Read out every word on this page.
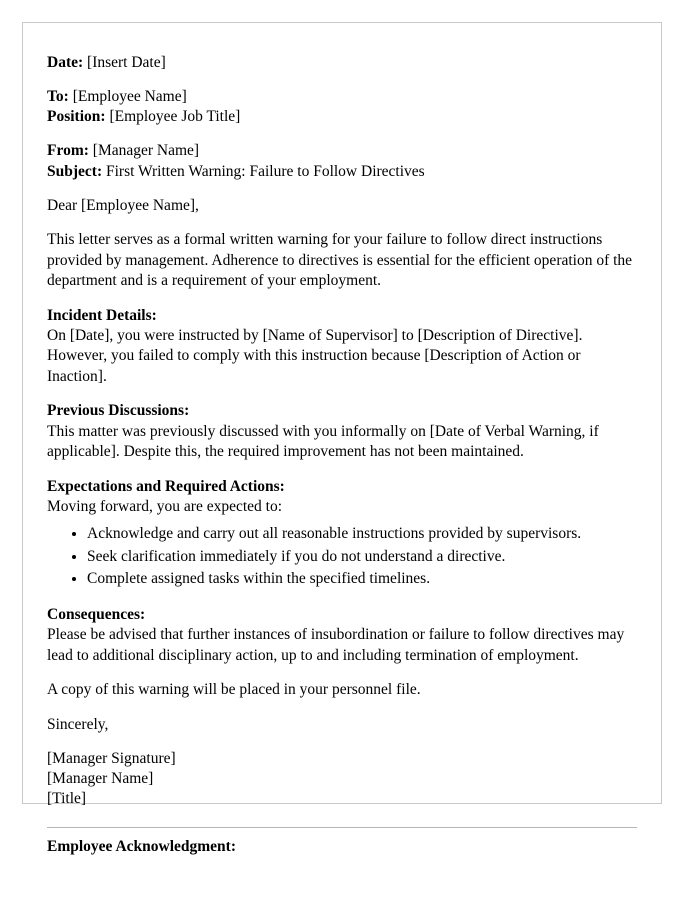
Date: [Insert Date]

To: [Employee Name]

Position: [Employee Job Title]

From: [Manager Name]

Subject: First Written Warning: Failure to Follow Directives

Dear [Employee Name],

This letter serves as a formal written warning for your failure to follow direct instructions provided by management. Adherence to directives is essential for the efficient operation of the department and is a requirement of your employment.

Incident Details:

On [Date], you were instructed by [Name of Supervisor] to [Description of Directive]. However, you failed to comply with this instruction because [Description of Action or Inaction].

Previous Discussions:

This matter was previously discussed with you informally on [Date of Verbal Warning, if applicable]. Despite this, the required improvement has not been maintained.

Expectations and Required Actions:

Moving forward, you are expected to:

• Acknowledge and carry out all reasonable instructions provided by supervisors.
• Seek clarification immediately if you do not understand a directive.
• Complete assigned tasks within the specified timelines.

Consequences:

Please be advised that further instances of insubordination or failure to follow directives may lead to additional disciplinary action, up to and including termination of employment.

A copy of this warning will be placed in your personnel file.

Sincerely,

[Manager Signature]

[Manager Name]

[Title]

Employee Acknowledgment:
